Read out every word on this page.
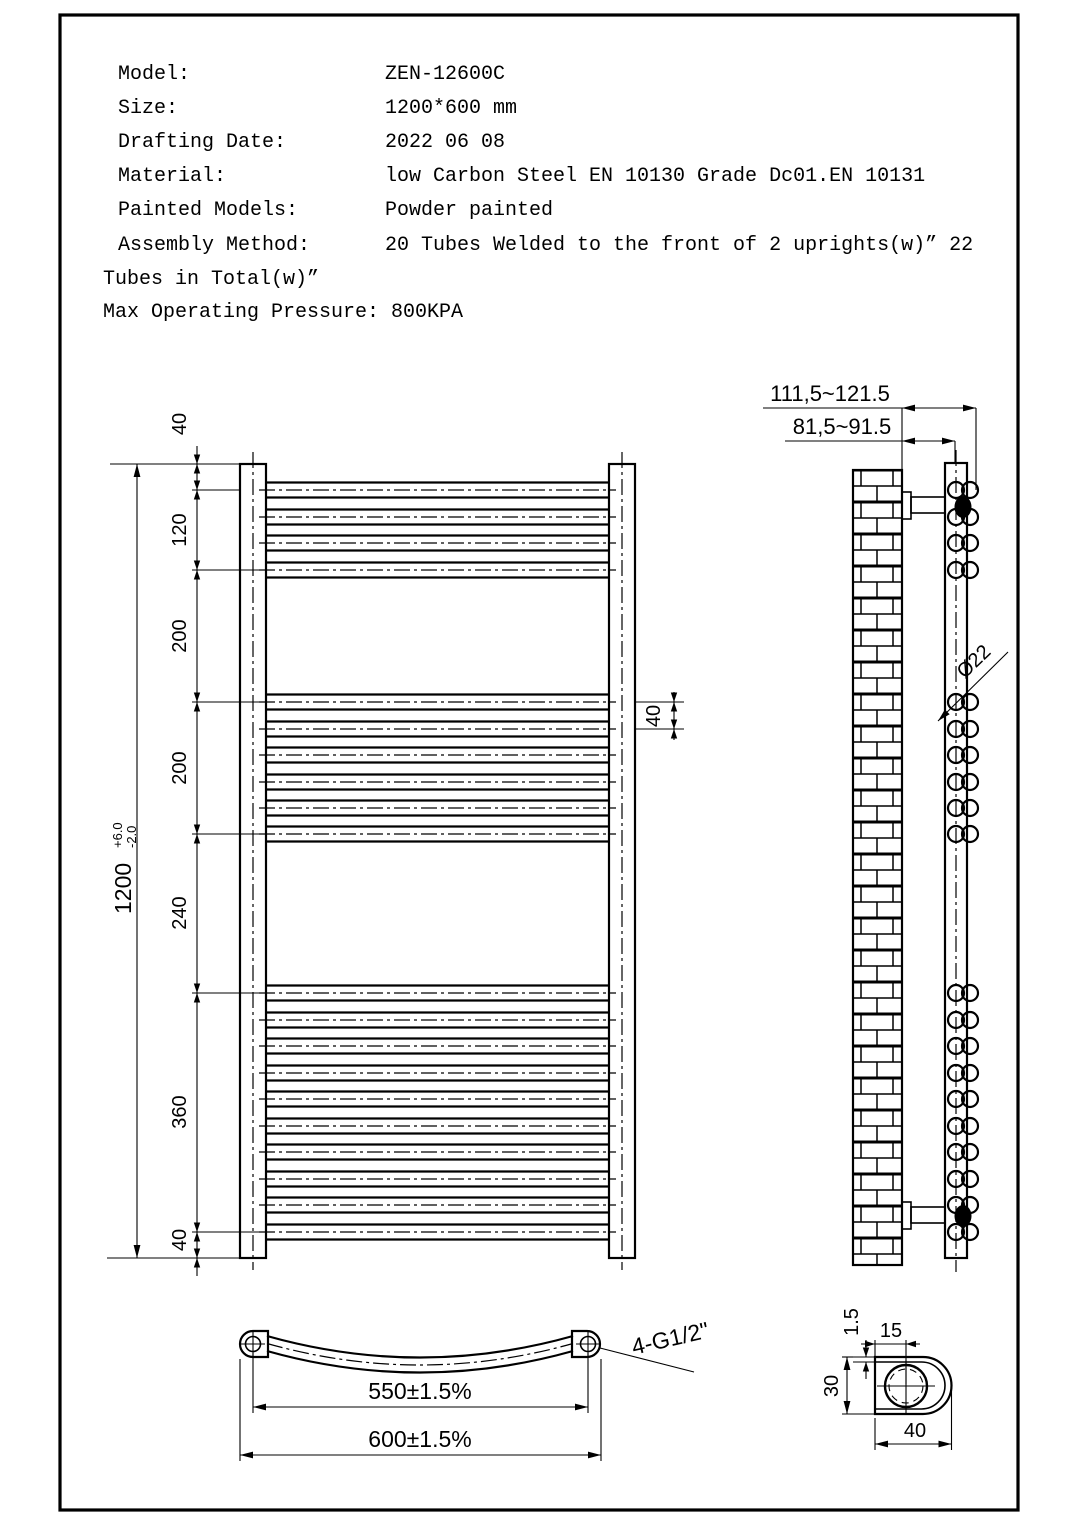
Model:	ZEN-12600C
Size:	1200*600 mm
Drafting Date:	2022 06 08
Material:	low Carbon Steel EN 10130 Grade Dc01.EN 10131
Painted Models:	Powder painted
Assembly Method:	20 Tubes Welded to the front of 2 uprights(w)” 22
Tubes in Total(w)”
Max Operating Pressure: 800KPA
40
120
200
200
240
360
40
1200
+6.0 -2.0
40
111,5~121.5
81,5~91.5
Ø22
550±1.5%
600±1.5%
4-G1/2"	15
1.5
30
40
